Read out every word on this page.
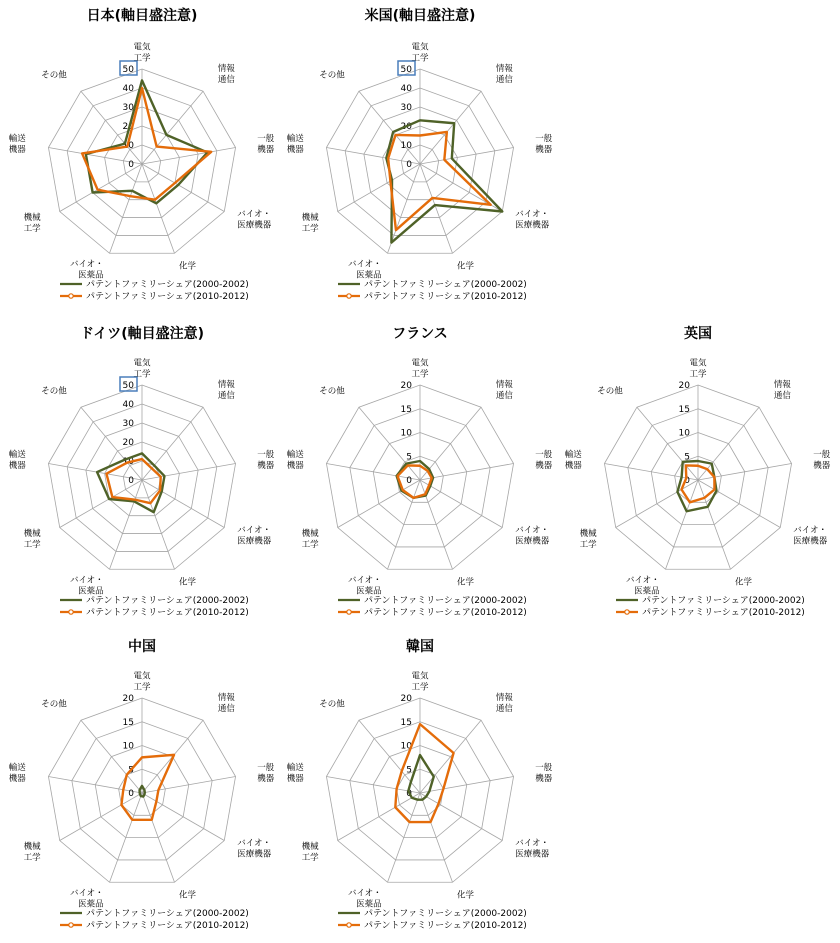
日本(軸目盛注意)
0
10
20
30
40
50
電気
工学
情報
通信
一般
機器
バイオ・
医療機器
化学
バイオ・
医薬品
機械
工学
輸送
機器
その他
パテントファミリーシェア(2000-2002)
パテントファミリーシェア(2010-2012)
米国(軸目盛注意)
0
10
20
30
40
50
電気
工学
情報
通信
一般
機器
バイオ・
医療機器
化学
バイオ・
医薬品
機械
工学
輸送
機器
その他
パテントファミリーシェア(2000-2002)
パテントファミリーシェア(2010-2012)
ドイツ(軸目盛注意)
0
10
20
30
40
50
電気
工学
情報
通信
一般
機器
バイオ・
医療機器
化学
バイオ・
医薬品
機械
工学
輸送
機器
その他
パテントファミリーシェア(2000-2002)
パテントファミリーシェア(2010-2012)
フランス
0
5
10
15
20
電気
工学
情報
通信
一般
機器
バイオ・
医療機器
化学
バイオ・
医薬品
機械
工学
輸送
機器
その他
パテントファミリーシェア(2000-2002)
パテントファミリーシェア(2010-2012)
英国
0
5
10
15
20
電気
工学
情報
通信
一般
機器
バイオ・
医療機器
化学
バイオ・
医薬品
機械
工学
輸送
機器
その他
パテントファミリーシェア(2000-2002)
パテントファミリーシェア(2010-2012)
中国
0
5
10
15
20
電気
工学
情報
通信
一般
機器
バイオ・
医療機器
化学
バイオ・
医薬品
機械
工学
輸送
機器
その他
パテントファミリーシェア(2000-2002)
パテントファミリーシェア(2010-2012)
韓国
0
5
10
15
20
電気
工学
情報
通信
一般
機器
バイオ・
医療機器
化学
バイオ・
医薬品
機械
工学
輸送
機器
その他
パテントファミリーシェア(2000-2002)
パテントファミリーシェア(2010-2012)
